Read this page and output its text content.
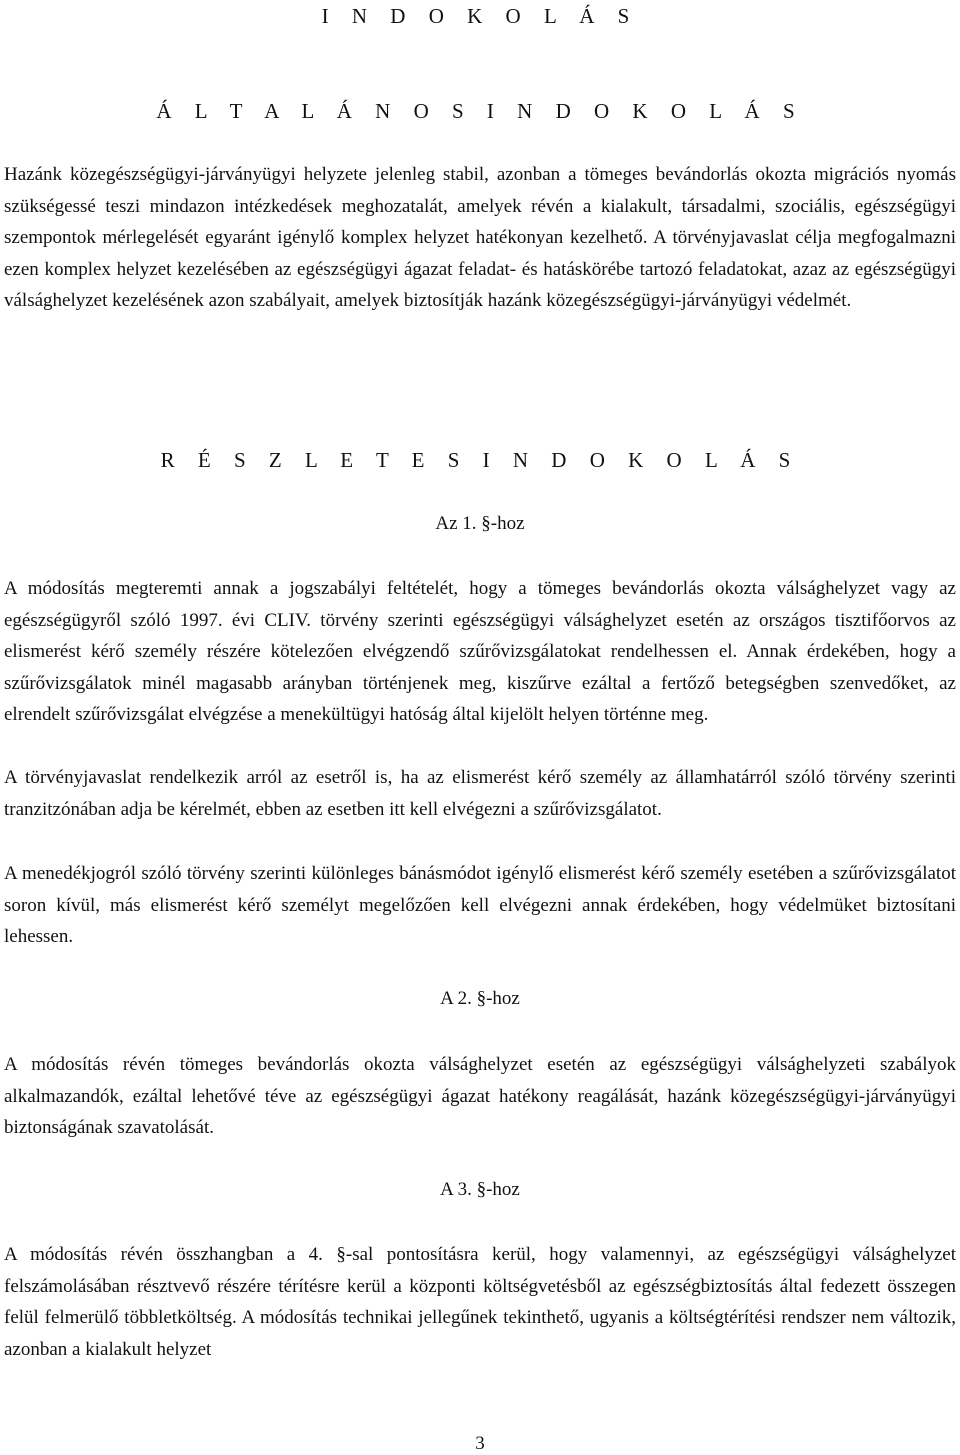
I N D O K O L Á S
Á L T A L Á N O S I N D O K O L Á S

Hazánk közegészségügyi-járványügyi helyzete jelenleg stabil, azonban a tömeges bevándorlás okozta migrációs nyomás szükségessé teszi mindazon intézkedések meghozatalát, amelyek révén a kialakult, társadalmi, szociális, egészségügyi szempontok mérlegelését egyaránt igénylő komplex helyzet hatékonyan kezelhető. A törvényjavaslat célja megfogalmazni ezen komplex helyzet kezelésében az egészségügyi ágazat feladat- és hatáskörébe tartozó feladatokat, azaz az egészségügyi válsághelyzet kezelésének azon szabályait, amelyek biztosítják hazánk közegészségügyi-járványügyi védelmét.

R É S Z L E T E S I N D O K O L Á S
Az 1. §-hoz

A módosítás megteremti annak a jogszabályi feltételét, hogy a tömeges bevándorlás okozta válsághelyzet vagy az egészségügyről szóló 1997. évi CLIV. törvény szerinti egészségügyi válsághelyzet esetén az országos tisztifőorvos az elismerést kérő személy részére kötelezően elvégzendő szűrővizsgálatokat rendelhessen el. Annak érdekében, hogy a szűrővizsgálatok minél magasabb arányban történjenek meg, kiszűrve ezáltal a fertőző betegségben szenvedőket, az elrendelt szűrővizsgálat elvégzése a menekültügyi hatóság által kijelölt helyen történne meg.

A törvényjavaslat rendelkezik arról az esetről is, ha az elismerést kérő személy az államhatárról szóló törvény szerinti tranzitzónában adja be kérelmét, ebben az esetben itt kell elvégezni a szűrővizsgálatot.

A menedékjogról szóló törvény szerinti különleges bánásmódot igénylő elismerést kérő személy esetében a szűrővizsgálatot soron kívül, más elismerést kérő személyt megelőzően kell elvégezni annak érdekében, hogy védelmüket biztosítani lehessen.

A 2. §-hoz

A módosítás révén tömeges bevándorlás okozta válsághelyzet esetén az egészségügyi válsághelyzeti szabályok alkalmazandók, ezáltal lehetővé téve az egészségügyi ágazat hatékony reagálását, hazánk közegészségügyi-járványügyi biztonságának szavatolását.

A 3. §-hoz

A módosítás révén összhangban a 4. §-sal pontosításra kerül, hogy valamennyi, az egészségügyi válsághelyzet felszámolásában résztvevő részére térítésre kerül a központi költségvetésből az egészségbiztosítás által fedezett összegen felül felmerülő többletköltség. A módosítás technikai jellegűnek tekinthető, ugyanis a költségtérítési rendszer nem változik, azonban a kialakult helyzet

3
